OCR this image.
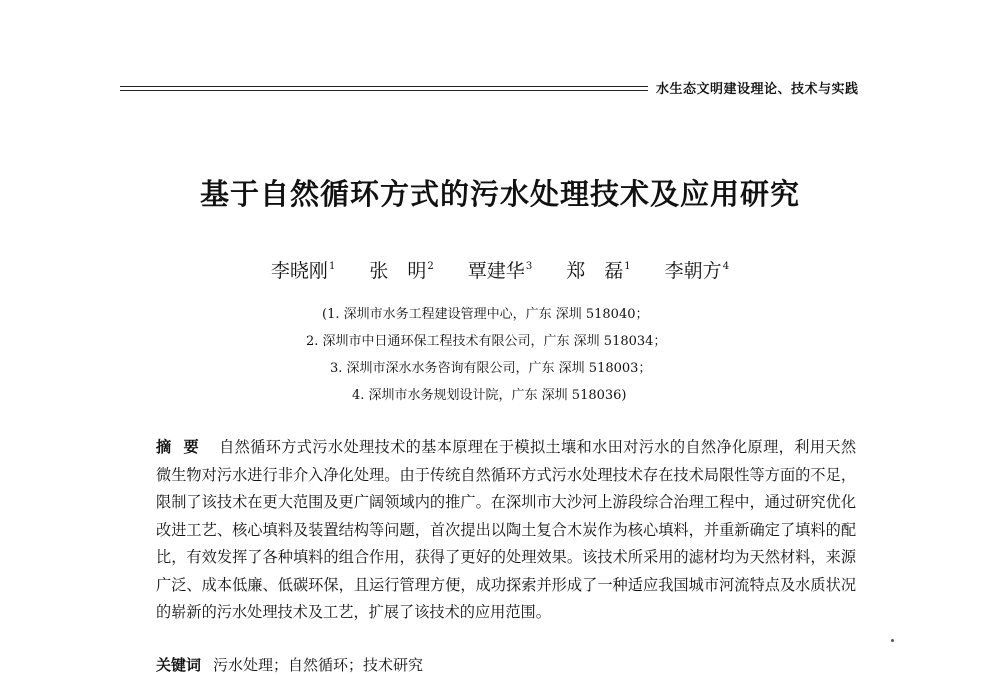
水生态文明建设理论、技术与实践
基于自然循环方式的污水处理技术及应用研究
李晓刚$^1$ 张　明$^2$ 覃建华$^3$ 郑　磊$^1$ 李朝方$^4$
(1. 深圳市水务工程建设管理中心，广东 深圳 518040；
2. 深圳市中日通环保工程技术有限公司，广东 深圳 518034；
3. 深圳市深水水务咨询有限公司，广东 深圳 518003；
4. 深圳市水务规划设计院，广东 深圳 518036)
摘要 自然循环方式污水处理技术的基本原理在于模拟土壤和水田对污水的自然净化原理，利用天然微生物对污水进行非介入净化处理。由于传统自然循环方式污水处理技术存在技术局限性等方面的不足，限制了该技术在更大范围及更广阔领域内的推广。在深圳市大沙河上游段综合治理工程中，通过研究优化改进工艺、核心填料及装置结构等问题，首次提出以陶土复合木炭作为核心填料，并重新确定了填料的配比，有效发挥了各种填料的组合作用，获得了更好的处理效果。该技术所采用的滤材均为天然材料，来源广泛、成本低廉、低碳环保，且运行管理方便，成功探索并形成了一种适应我国城市河流特点及水质状况的崭新的污水处理技术及工艺，扩展了该技术的应用范围。
关键词 污水处理；自然循环；技术研究
